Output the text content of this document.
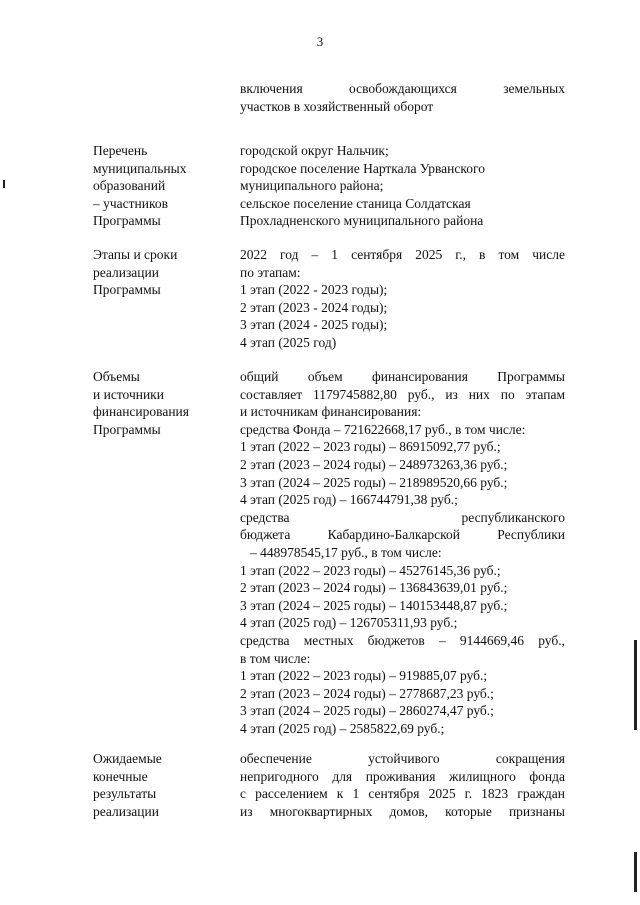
3
включения освобождающихся земельных
участков в хозяйственный оборот
Перечень
муниципальных
образований
– участников
Программы
городской округ Нальчик;
городское поселение Нарткала Урванского
муниципального района;
сельское поселение станица Солдатская
Прохладненского муниципального района
Этапы и сроки
реализации
Программы
2022 год – 1 сентября 2025 г., в том числе
по этапам:
1 этап (2022 - 2023 годы);
2 этап (2023 - 2024 годы);
3 этап (2024 - 2025 годы);
4 этап (2025 год)
Объемы
и источники
финансирования
Программы
общий объем финансирования Программы
составляет 1179745882,80 руб., из них по этапам
и источникам финансирования:
средства Фонда – 721622668,17 руб., в том числе:
1 этап (2022 – 2023 годы) – 86915092,77 руб.;
2 этап (2023 – 2024 годы) – 248973263,36 руб.;
3 этап (2024 – 2025 годы) – 218989520,66 руб.;
4 этап (2025 год) – 166744791,38 руб.;
средства республиканского
бюджета Кабардино-Балкарской Республики
– 448978545,17 руб., в том числе:
1 этап (2022 – 2023 годы) – 45276145,36 руб.;
2 этап (2023 – 2024 годы) – 136843639,01 руб.;
3 этап (2024 – 2025 годы) – 140153448,87 руб.;
4 этап (2025 год) – 126705311,93 руб.;
средства местных бюджетов – 9144669,46 руб.,
в том числе:
1 этап (2022 – 2023 годы) – 919885,07 руб.;
2 этап (2023 – 2024 годы) – 2778687,23 руб.;
3 этап (2024 – 2025 годы) – 2860274,47 руб.;
4 этап (2025 год) – 2585822,69 руб.;
Ожидаемые
конечные
результаты
реализации
обеспечение устойчивого сокращения
непригодного для проживания жилищного фонда
с расселением к 1 сентября 2025 г. 1823 граждан
из многоквартирных домов, которые признаны
